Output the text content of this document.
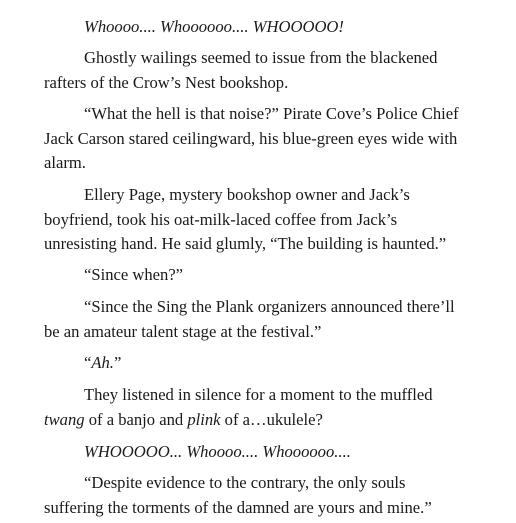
Whoooo.... Whoooooo.... WHOOOOO!

Ghostly wailings seemed to issue from the blackened
rafters of the Crow’s Nest bookshop.

“What the hell is that noise?” Pirate Cove’s Police Chief
Jack Carson stared ceilingward, his blue-green eyes wide with
alarm.

Ellery Page, mystery bookshop owner and Jack’s
boyfriend, took his oat-milk-laced coffee from Jack’s
unresisting hand. He said glumly, “The building is haunted.”

“Since when?”

“Since the Sing the Plank organizers announced there’ll
be an amateur talent stage at the festival.”

“Ah.”

They listened in silence for a moment to the muffled
twang of a banjo and plink of a…ukulele?

WHOOOOO... Whoooo.... Whoooooo....

“Despite evidence to the contrary, the only souls
suffering the torments of the damned are yours and mine.”
